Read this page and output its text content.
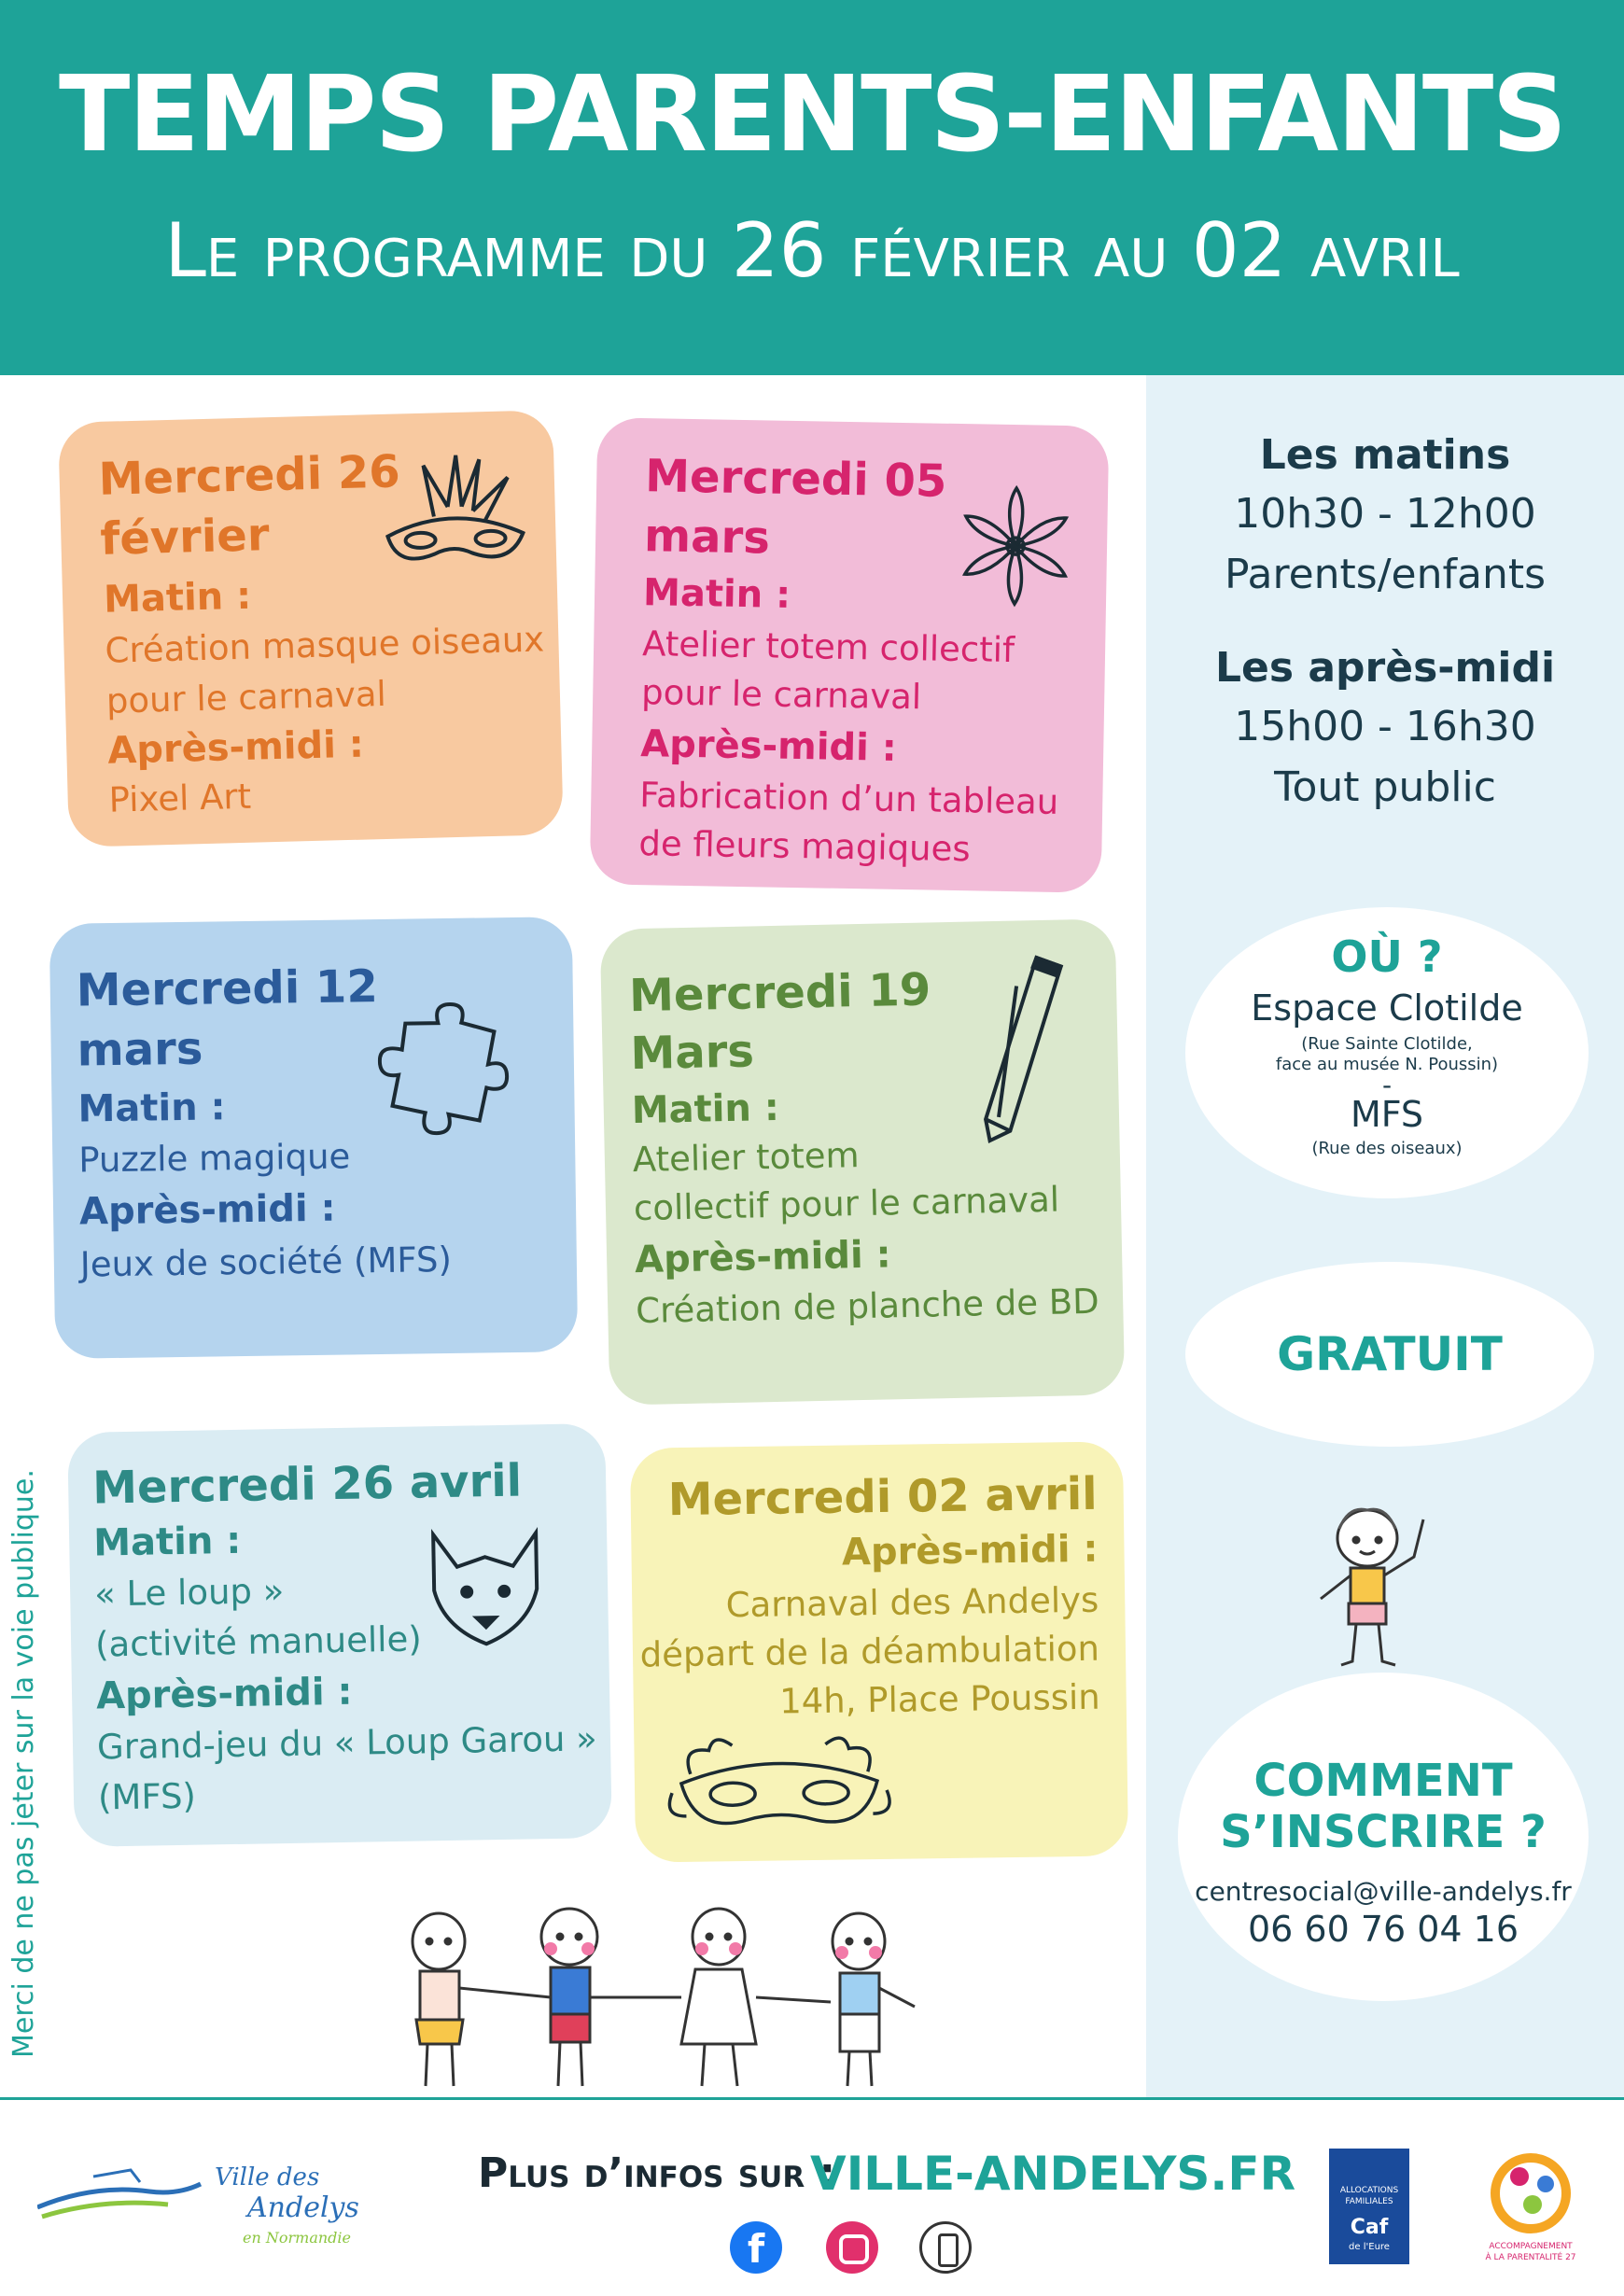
TEMPS PARENTS-ENFANTS
Le programme du 26 février au 02 avril
Les matins
10h30 - 12h00
Parents/enfants
Les après-midi
15h00 - 16h30
Tout public
OÙ ?
Espace Clotilde
(Rue Sainte Clotilde,
face au musée N. Poussin)
-
MFS
(Rue des oiseaux)
GRATUIT
COMMENT
S’INSCRIRE ?
centresocial@ville-andelys.fr
06 60 76 04 16
Merci de ne pas jeter sur la voie publique.
Mercredi 26
février
Matin :
Création masque oiseaux
pour le carnaval
Après-midi :
Pixel Art
Mercredi 05
mars
Matin :
Atelier totem collectif
pour le carnaval
Après-midi :
Fabrication d’un tableau
de fleurs magiques
Mercredi 12
mars
Matin :
Puzzle magique
Après-midi :
Jeux de société (MFS)
Mercredi 19
Mars
Matin :
Atelier totem
collectif pour le carnaval
Après-midi :
Création de planche de BD
Mercredi 26 avril
Matin :
« Le loup »
(activité manuelle)
Après-midi :
Grand-jeu du « Loup Garou »
(MFS)
Mercredi 02 avril
Après-midi :
Carnaval des Andelys
départ de la déambulation
14h, Place Poussin
Ville des
Andelys
en Normandie
Plus d’infos sur :
VILLE-ANDELYS.FR
f
ALLOCATIONS
FAMILIALES
Caf
de l'Eure	ACCOMPAGNEMENT
À LA PARENTALITÉ 27
